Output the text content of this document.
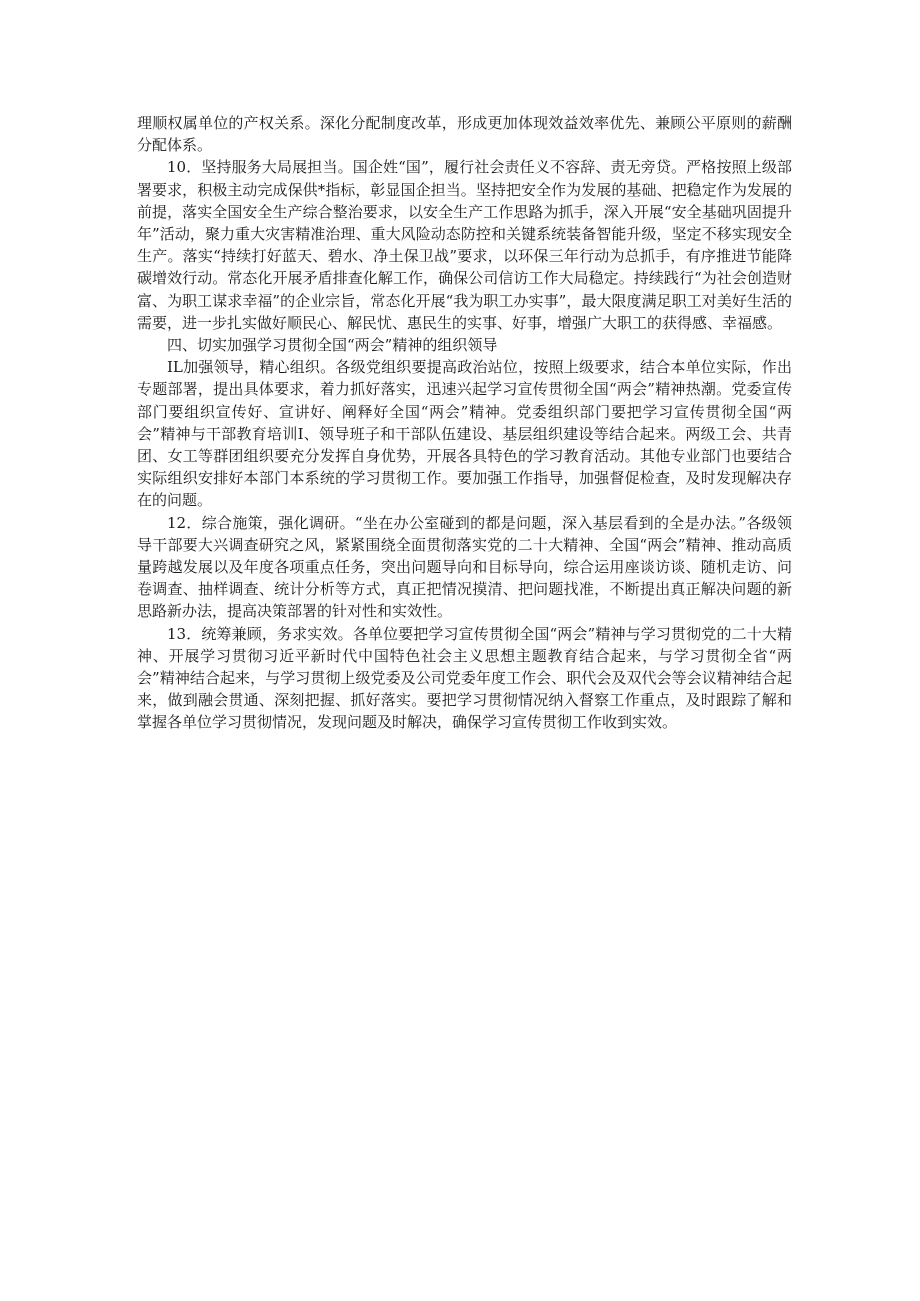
理顺权属单位的产权关系。深化分配制度改革，形成更加体现效益效率优先、兼顾公平原则的薪酬分配体系。

10．坚持服务大局展担当。国企姓“国”，履行社会责任义不容辞、责无旁贷。严格按照上级部署要求，积极主动完成保供*指标，彰显国企担当。坚持把安全作为发展的基础、把稳定作为发展的前提，落实全国安全生产综合整治要求，以安全生产工作思路为抓手，深入开展“安全基础巩固提升年”活动，聚力重大灾害精准治理、重大风险动态防控和关键系统装备智能升级，坚定不移实现安全生产。落实“持续打好蓝天、碧水、净土保卫战”要求，以环保三年行动为总抓手，有序推进节能降碳增效行动。常态化开展矛盾排查化解工作，确保公司信访工作大局稳定。持续践行“为社会创造财富、为职工谋求幸福”的企业宗旨，常态化开展“我为职工办实事”，最大限度满足职工对美好生活的需要，进一步扎实做好顺民心、解民忧、惠民生的实事、好事，增强广大职工的获得感、幸福感。

四、切实加强学习贯彻全国“两会”精神的组织领导

IL加强领导，精心组织。各级党组织要提高政治站位，按照上级要求，结合本单位实际，作出专题部署，提出具体要求，着力抓好落实，迅速兴起学习宣传贯彻全国“两会”精神热潮。党委宣传部门要组织宣传好、宣讲好、阐释好全国“两会”精神。党委组织部门要把学习宣传贯彻全国“两会”精神与干部教育培训I、领导班子和干部队伍建设、基层组织建设等结合起来。两级工会、共青团、女工等群团组织要充分发挥自身优势，开展各具特色的学习教育活动。其他专业部门也要结合实际组织安排好本部门本系统的学习贯彻工作。要加强工作指导，加强督促检查，及时发现解决存在的问题。

12．综合施策，强化调研。“坐在办公室碰到的都是问题，深入基层看到的全是办法。”各级领导干部要大兴调查研究之风，紧紧围绕全面贯彻落实党的二十大精神、全国“两会”精神、推动高质量跨越发展以及年度各项重点任务，突出问题导向和目标导向，综合运用座谈访谈、随机走访、问卷调查、抽样调查、统计分析等方式，真正把情况摸清、把问题找准，不断提出真正解决问题的新思路新办法，提高决策部署的针对性和实效性。

13．统筹兼顾，务求实效。各单位要把学习宣传贯彻全国“两会”精神与学习贯彻党的二十大精神、开展学习贯彻习近平新时代中国特色社会主义思想主题教育结合起来，与学习贯彻全省“两会”精神结合起来，与学习贯彻上级党委及公司党委年度工作会、职代会及双代会等会议精神结合起来，做到融会贯通、深刻把握、抓好落实。要把学习贯彻情况纳入督察工作重点，及时跟踪了解和掌握各单位学习贯彻情况，发现问题及时解决，确保学习宣传贯彻工作收到实效。
